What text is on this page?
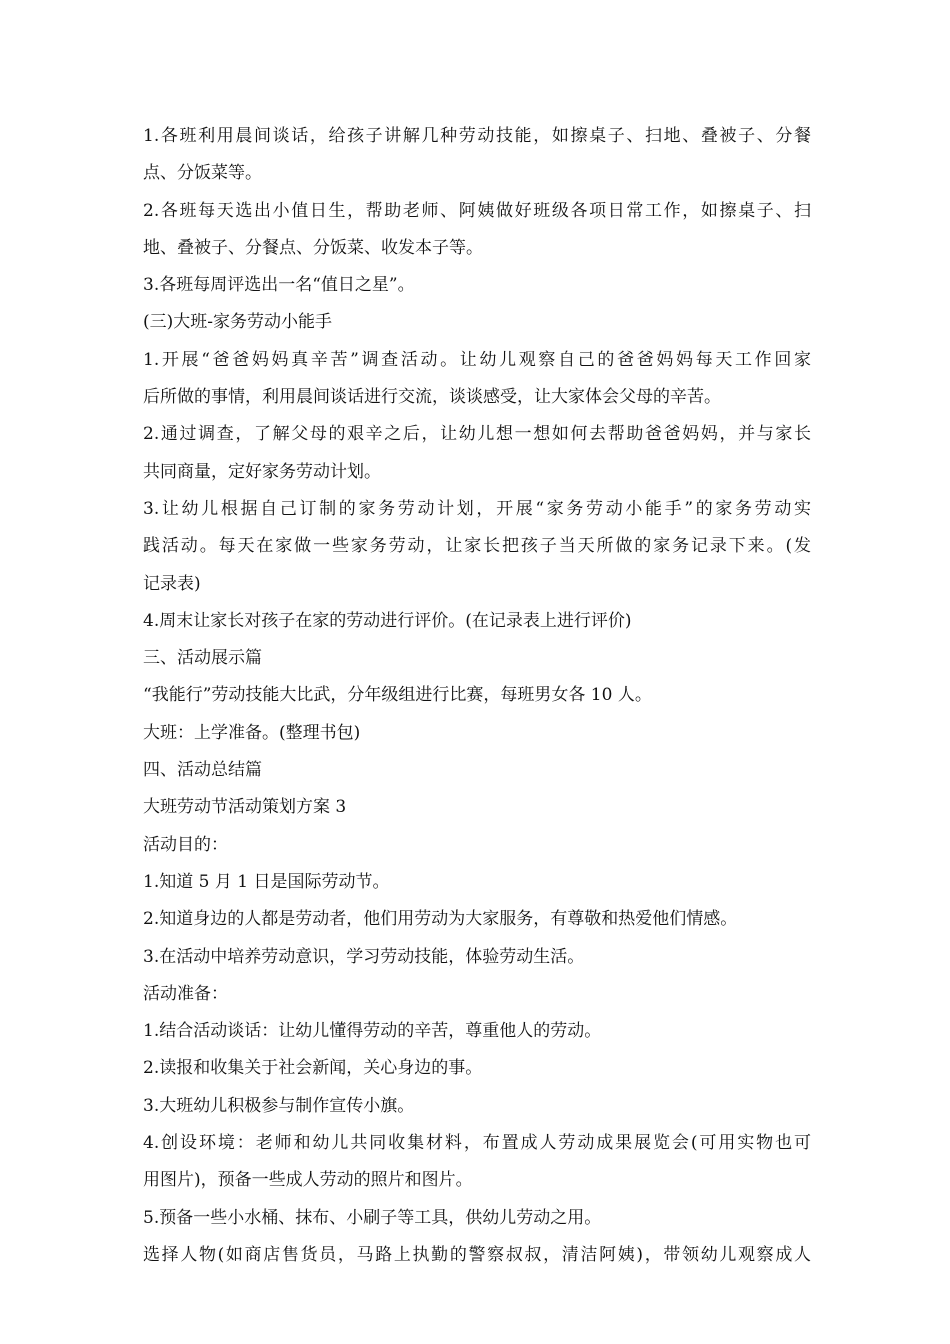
1.各班利用晨间谈话，给孩子讲解几种劳动技能，如擦桌子、扫地、叠被子、分餐
点、分饭菜等。
2.各班每天选出小值日生，帮助老师、阿姨做好班级各项日常工作，如擦桌子、扫
地、叠被子、分餐点、分饭菜、收发本子等。
3.各班每周评选出一名“值日之星”。
(三)大班-家务劳动小能手
1.开展“爸爸妈妈真辛苦”调查活动。让幼儿观察自己的爸爸妈妈每天工作回家
后所做的事情，利用晨间谈话进行交流，谈谈感受，让大家体会父母的辛苦。
2.通过调查，了解父母的艰辛之后，让幼儿想一想如何去帮助爸爸妈妈，并与家长
共同商量，定好家务劳动计划。
3.让幼儿根据自己订制的家务劳动计划，开展“家务劳动小能手”的家务劳动实
践活动。每天在家做一些家务劳动，让家长把孩子当天所做的家务记录下来。(发
记录表)
4.周末让家长对孩子在家的劳动进行评价。(在记录表上进行评价)
三、活动展示篇
“我能行”劳动技能大比武，分年级组进行比赛，每班男女各 10 人。
大班：上学准备。(整理书包)
四、活动总结篇
大班劳动节活动策划方案 3
活动目的：
1.知道 5 月 1 日是国际劳动节。
2.知道身边的人都是劳动者，他们用劳动为大家服务，有尊敬和热爱他们情感。
3.在活动中培养劳动意识，学习劳动技能，体验劳动生活。
活动准备：
1.结合活动谈话：让幼儿懂得劳动的辛苦，尊重他人的劳动。
2.读报和收集关于社会新闻，关心身边的事。
3.大班幼儿积极参与制作宣传小旗。
4.创设环境：老师和幼儿共同收集材料，布置成人劳动成果展览会(可用实物也可
用图片)，预备一些成人劳动的照片和图片。
5.预备一些小水桶、抹布、小刷子等工具，供幼儿劳动之用。
选择人物(如商店售货员，马路上执勤的警察叔叔，清洁阿姨)，带领幼儿观察成人
